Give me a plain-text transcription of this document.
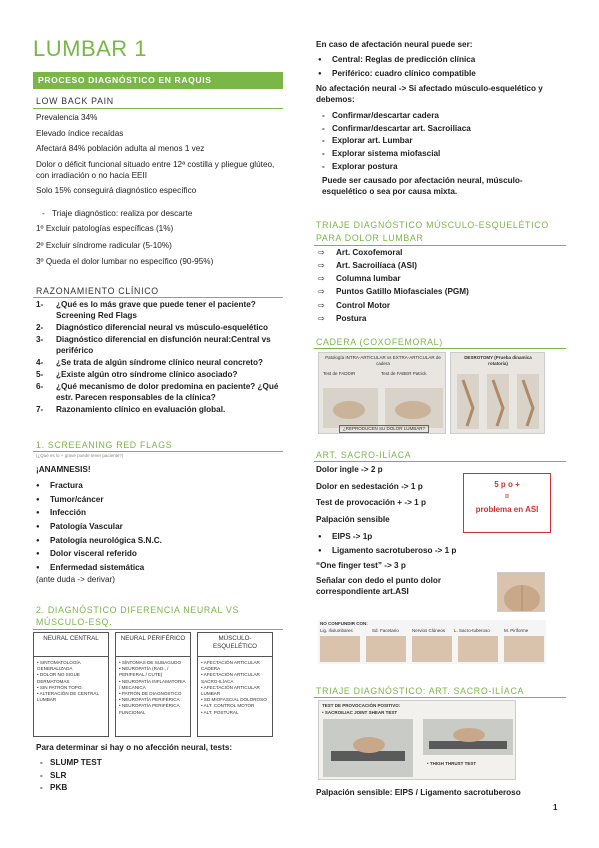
LUMBAR 1
PROCESO DIAGNÓSTICO EN RAQUIS
LOW BACK PAIN
Prevalencia 34%
Elevado índice recaídas
Afectará 84% población adulta al menos 1 vez
Dolor o déficit funcional situado entre 12ª costilla y pliegue glúteo, con irradiación o no hacia EEII
Solo 15% conseguirá diagnóstico específico
- Triaje diagnóstico: realiza por descarte
1º Excluir patologías específicas (1%)
2º Excluir síndrome radicular (5-10%)
3º Queda el dolor lumbar no específico (90-95%)
RAZONAMIENTO CLÍNICO
1- ¿Qué es lo más grave que puede tener el paciente? Screening Red Flags
2- Diagnóstico diferencial neural vs músculo-esquelético
3- Diagnóstico diferencial en disfunción neural:Central vs periférico
4- ¿Se trata de algún síndrome clínico neural concreto?
5- ¿Existe algún otro síndrome clínico asociado?
6- ¿Qué mecanismo de dolor predomina en paciente? ¿Qué estr. Parecen responsables de la clínica?
7- Razonamiento clínico en evaluación global.
1. SCREEANING RED FLAGS
(¿Qué es lo + grave puede tener paciente?)
¡ANAMNESIS!
● Fractura
● Tumor/cáncer
● Infección
● Patología Vascular
● Patología neurológica S.N.C.
● Dolor visceral referido
● Enfermedad sistemática
(ante duda -> derivar)
2. DIAGNÓSTICO DIFERENCIA NEURAL VS
MÚSCULO-ESQ.
NEURAL CENTRAL
• SINTOMATOLOGÍA GENERALIZADA
• DOLOR NO SIGUE DERMATOMAS
• SIN PATRÓN TOPO.
• ALTERACIÓN DE CENTRAL LUMBAR
NEURAL PERIFÉRICO
• SÍNTOMAS DE SUBAGUDO
• NEUROPATÍA (RAD., / PERIFERAL / CUTE)
• NEUROPATÍA INFLAMATORIA / MECANICA
• PATRÓN DE DIAGNOSTICO
• NEUROPATÍA PERIFÉRICA
• NEUROPATÍA PERIFÉRICA FUNCIONAL
MÚSCULO-ESQUELÉTICO
• AFECTACIÓN ARTICULAR CADERA
• AFECTACIÓN ARTICULAR SACRO-ILÍACA
• AFECTACIÓN ARTICULAR LUMBAR
• SD MIOFASCIAL DOLOROSO
• ALT. CONTROL MOTOR
• ALT. POSTURAL
Para determinar si hay o no afección neural, tests:
- SLUMP TEST
- SLR
- PKB
En caso de afectación neural puede ser:
● Central: Reglas de predicción clínica
● Periférico: cuadro clínico compatible
No afectación neural -> Si afectado músculo-esquelético y debemos:
- Confirmar/descartar cadera
- Confirmar/descartar art. Sacroiliaca
- Explorar art. Lumbar
- Explorar sistema miofascial
- Explorar postura
Puede ser causado por afectación neural, músculo-esquelético o sea por causa mixta.
TRIAJE DIAGNÓSTICO MÚSCULO-ESQUELÉTICO
PARA DOLOR LUMBAR
⇨ Art. Coxofemoral
⇨ Art. Sacroilíaca (ASI)
⇨ Columna lumbar
⇨ Puntos Gatillo Miofasciales (PGM)
⇨ Control Motor
⇨ Postura
CADERA (COXOFEMORAL)
Patología INTRA-ARTICULAR vs EXTRA-ARTICULAR de cadera
Test de FADDIR	Test de FABER Patrick
¿REPRODUCEN SU DOLOR LUMBAR?
DESROTOMY (Prueba dinamica rotatoria)
ART. SACRO-ILÍACA
Dolor ingle -> 2 p
Dolor en sedestación -> 1 p
Test de provocación + -> 1 p
Palpación sensible
● EIPS -> 1p
● Ligamento sacrotuberoso -> 1 p
5 p o +
=
problema en ASI
“One finger test” -> 3 p
Señalar con dedo el punto dolor correspondiente art.ASI
NO CONFUNDIR CON:
Lig. Iliolumbares	Sd. Facetario	Nervios Clúneos L. Sacro-tuberoso	M. Piriforme
TRIAJE DIAGNÓSTICO: ART. SACRO-ILÍACA
TEST DE PROVOCACIÓN POSITIVO:
• SACROILIAC JOINT SHEAR TEST
• THIGH THRUST TEST
Palpación sensible: EIPS / Ligamento sacrotuberoso
1
